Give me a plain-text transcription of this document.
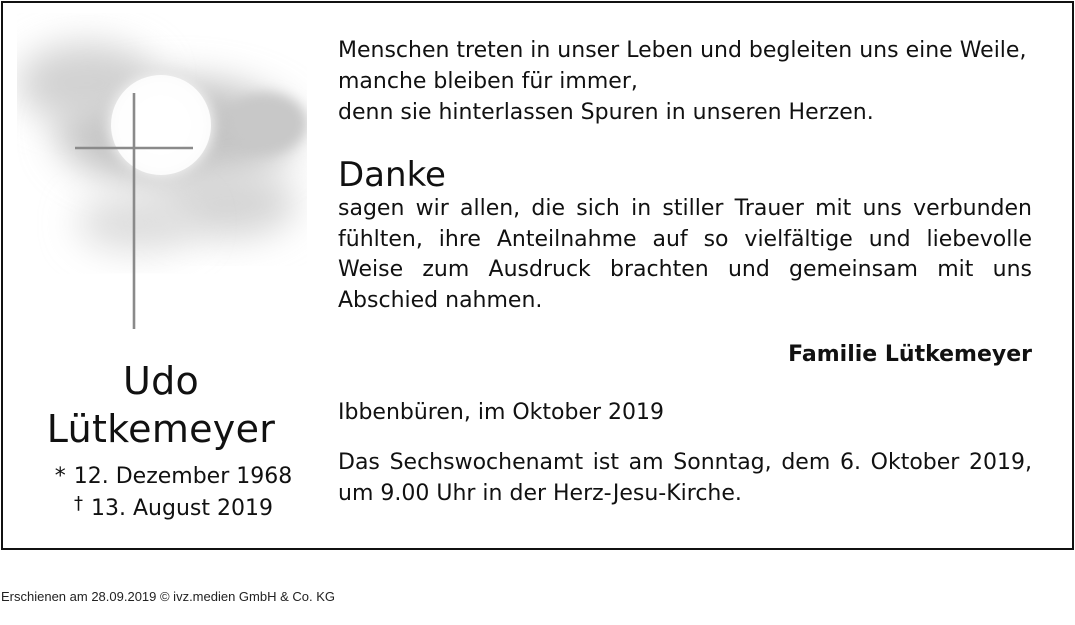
Udo
Lütkemeyer
* 12. Dezember 1968
† 13. August 2019
Menschen treten in unser Leben und begleiten uns eine Weile,
manche bleiben für immer,
denn sie hinterlassen Spuren in unseren Herzen.
Danke
sagen wir allen, die sich in stiller Trauer mit uns verbunden fühlten, ihre Anteilnahme auf so vielfältige und liebevolle Weise zum Ausdruck brachten und gemeinsam mit uns Abschied nahmen.
Familie Lütkemeyer
Ibbenbüren, im Oktober 2019
Das Sechswochenamt ist am Sonntag, dem 6. Oktober 2019, um 9.00 Uhr in der Herz-Jesu-Kirche.
Erschienen am 28.09.2019 © ivz.medien GmbH & Co. KG
